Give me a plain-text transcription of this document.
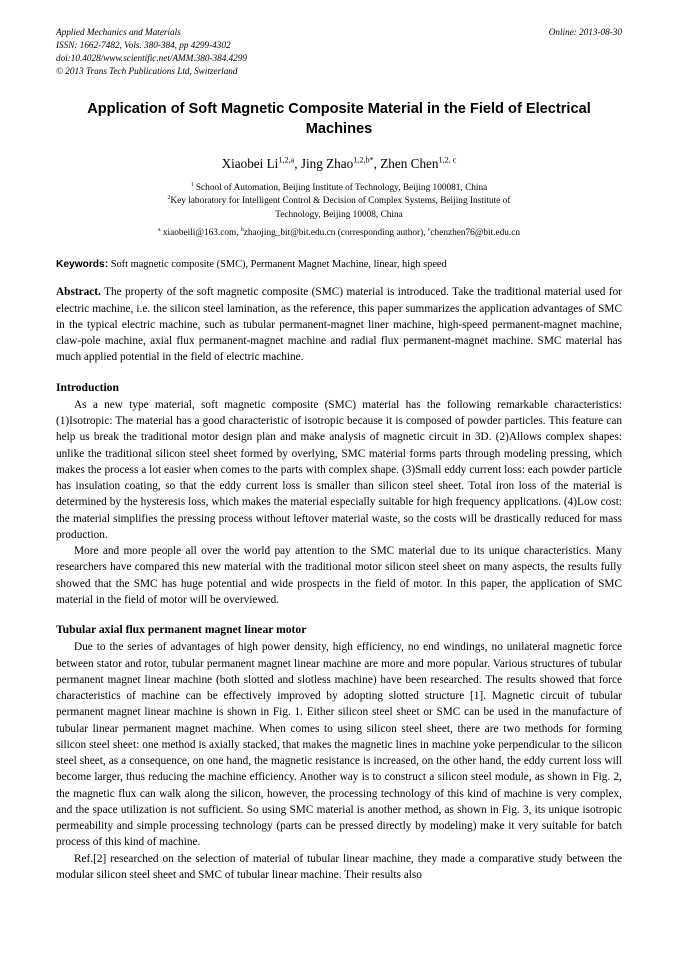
Applied Mechanics and Materials
ISSN: 1662-7482, Vols. 380-384, pp 4299-4302
doi:10.4028/www.scientific.net/AMM.380-384.4299
© 2013 Trans Tech Publications Ltd, Switzerland
Online: 2013-08-30
Application of Soft Magnetic Composite Material in the Field of Electrical Machines
Xiaobei Li$^{1,2,a}$, Jing Zhao$^{1,2,b*}$, Zhen Chen$^{1,2, c}$
$^1$ School of Automation, Beijing Institute of Technology, Beijing 100081, China
$^2$Key laboratory for Intelligent Control & Decision of Complex Systems, Beijing Institute of
Technology, Beijing 10008, China
$^a$ xiaobeili@163.com, $^b$zhaojing_bit@bit.edu.cn (corresponding author), $^c$chenzhen76@bit.edu.cn
Keywords: Soft magnetic composite (SMC), Permanent Magnet Machine, linear, high speed
Abstract. The property of the soft magnetic composite (SMC) material is introduced. Take the traditional material used for electric machine, i.e. the silicon steel lamination, as the reference, this paper summarizes the application advantages of SMC in the typical electric machine, such as tubular permanent-magnet liner machine, high-speed permanent-magnet machine, claw-pole machine, axial flux permanent-magnet machine and radial flux permanent-magnet machine. SMC material has much applied potential in the field of electric machine.
Introduction

As a new type material, soft magnetic composite (SMC) material has the following remarkable characteristics: (1)Isotropic: The material has a good characteristic of isotropic because it is composed of powder particles. This feature can help us break the traditional motor design plan and make analysis of magnetic circuit in 3D. (2)Allows complex shapes: unlike the traditional silicon steel sheet formed by overlying, SMC material forms parts through modeling pressing, which makes the process a lot easier when comes to the parts with complex shape. (3)Small eddy current loss: each powder particle has insulation coating, so that the eddy current loss is smaller than silicon steel sheet. Total iron loss of the material is determined by the hysteresis loss, which makes the material especially suitable for high frequency applications. (4)Low cost: the material simplifies the pressing process without leftover material waste, so the costs will be drastically reduced for mass production.

More and more people all over the world pay attention to the SMC material due to its unique characteristics. Many researchers have compared this new material with the traditional motor silicon steel sheet on many aspects, the results fully showed that the SMC has huge potential and wide prospects in the field of motor. In this paper, the application of SMC material in the field of motor will be overviewed.

Tubular axial flux permanent magnet linear motor

Due to the series of advantages of high power density, high efficiency, no end windings, no unilateral magnetic force between stator and rotor, tubular permanent magnet linear machine are more and more popular. Various structures of tubular permanent magnet linear machine (both slotted and slotless machine) have been researched. The results showed that force characteristics of machine can be effectively improved by adopting slotted structure [1]. Magnetic circuit of tubular permanent magnet linear machine is shown in Fig. 1. Either silicon steel sheet or SMC can be used in the manufacture of tubular linear permanent magnet machine. When comes to using silicon steel sheet, there are two methods for forming silicon steel sheet: one method is axially stacked, that makes the magnetic lines in machine yoke perpendicular to the silicon steel sheet, as a consequence, on one hand, the magnetic resistance is increased, on the other hand, the eddy current loss will become larger, thus reducing the machine efficiency. Another way is to construct a silicon steel module, as shown in Fig. 2, the magnetic flux can walk along the silicon, however, the processing technology of this kind of machine is very complex, and the space utilization is not sufficient. So using SMC material is another method, as shown in Fig. 3, its unique isotropic permeability and simple processing technology (parts can be pressed directly by modeling) make it very suitable for batch process of this kind of machine.

Ref.[2] researched on the selection of material of tubular linear machine, they made a comparative study between the modular silicon steel sheet and SMC of tubular linear machine. Their results also
